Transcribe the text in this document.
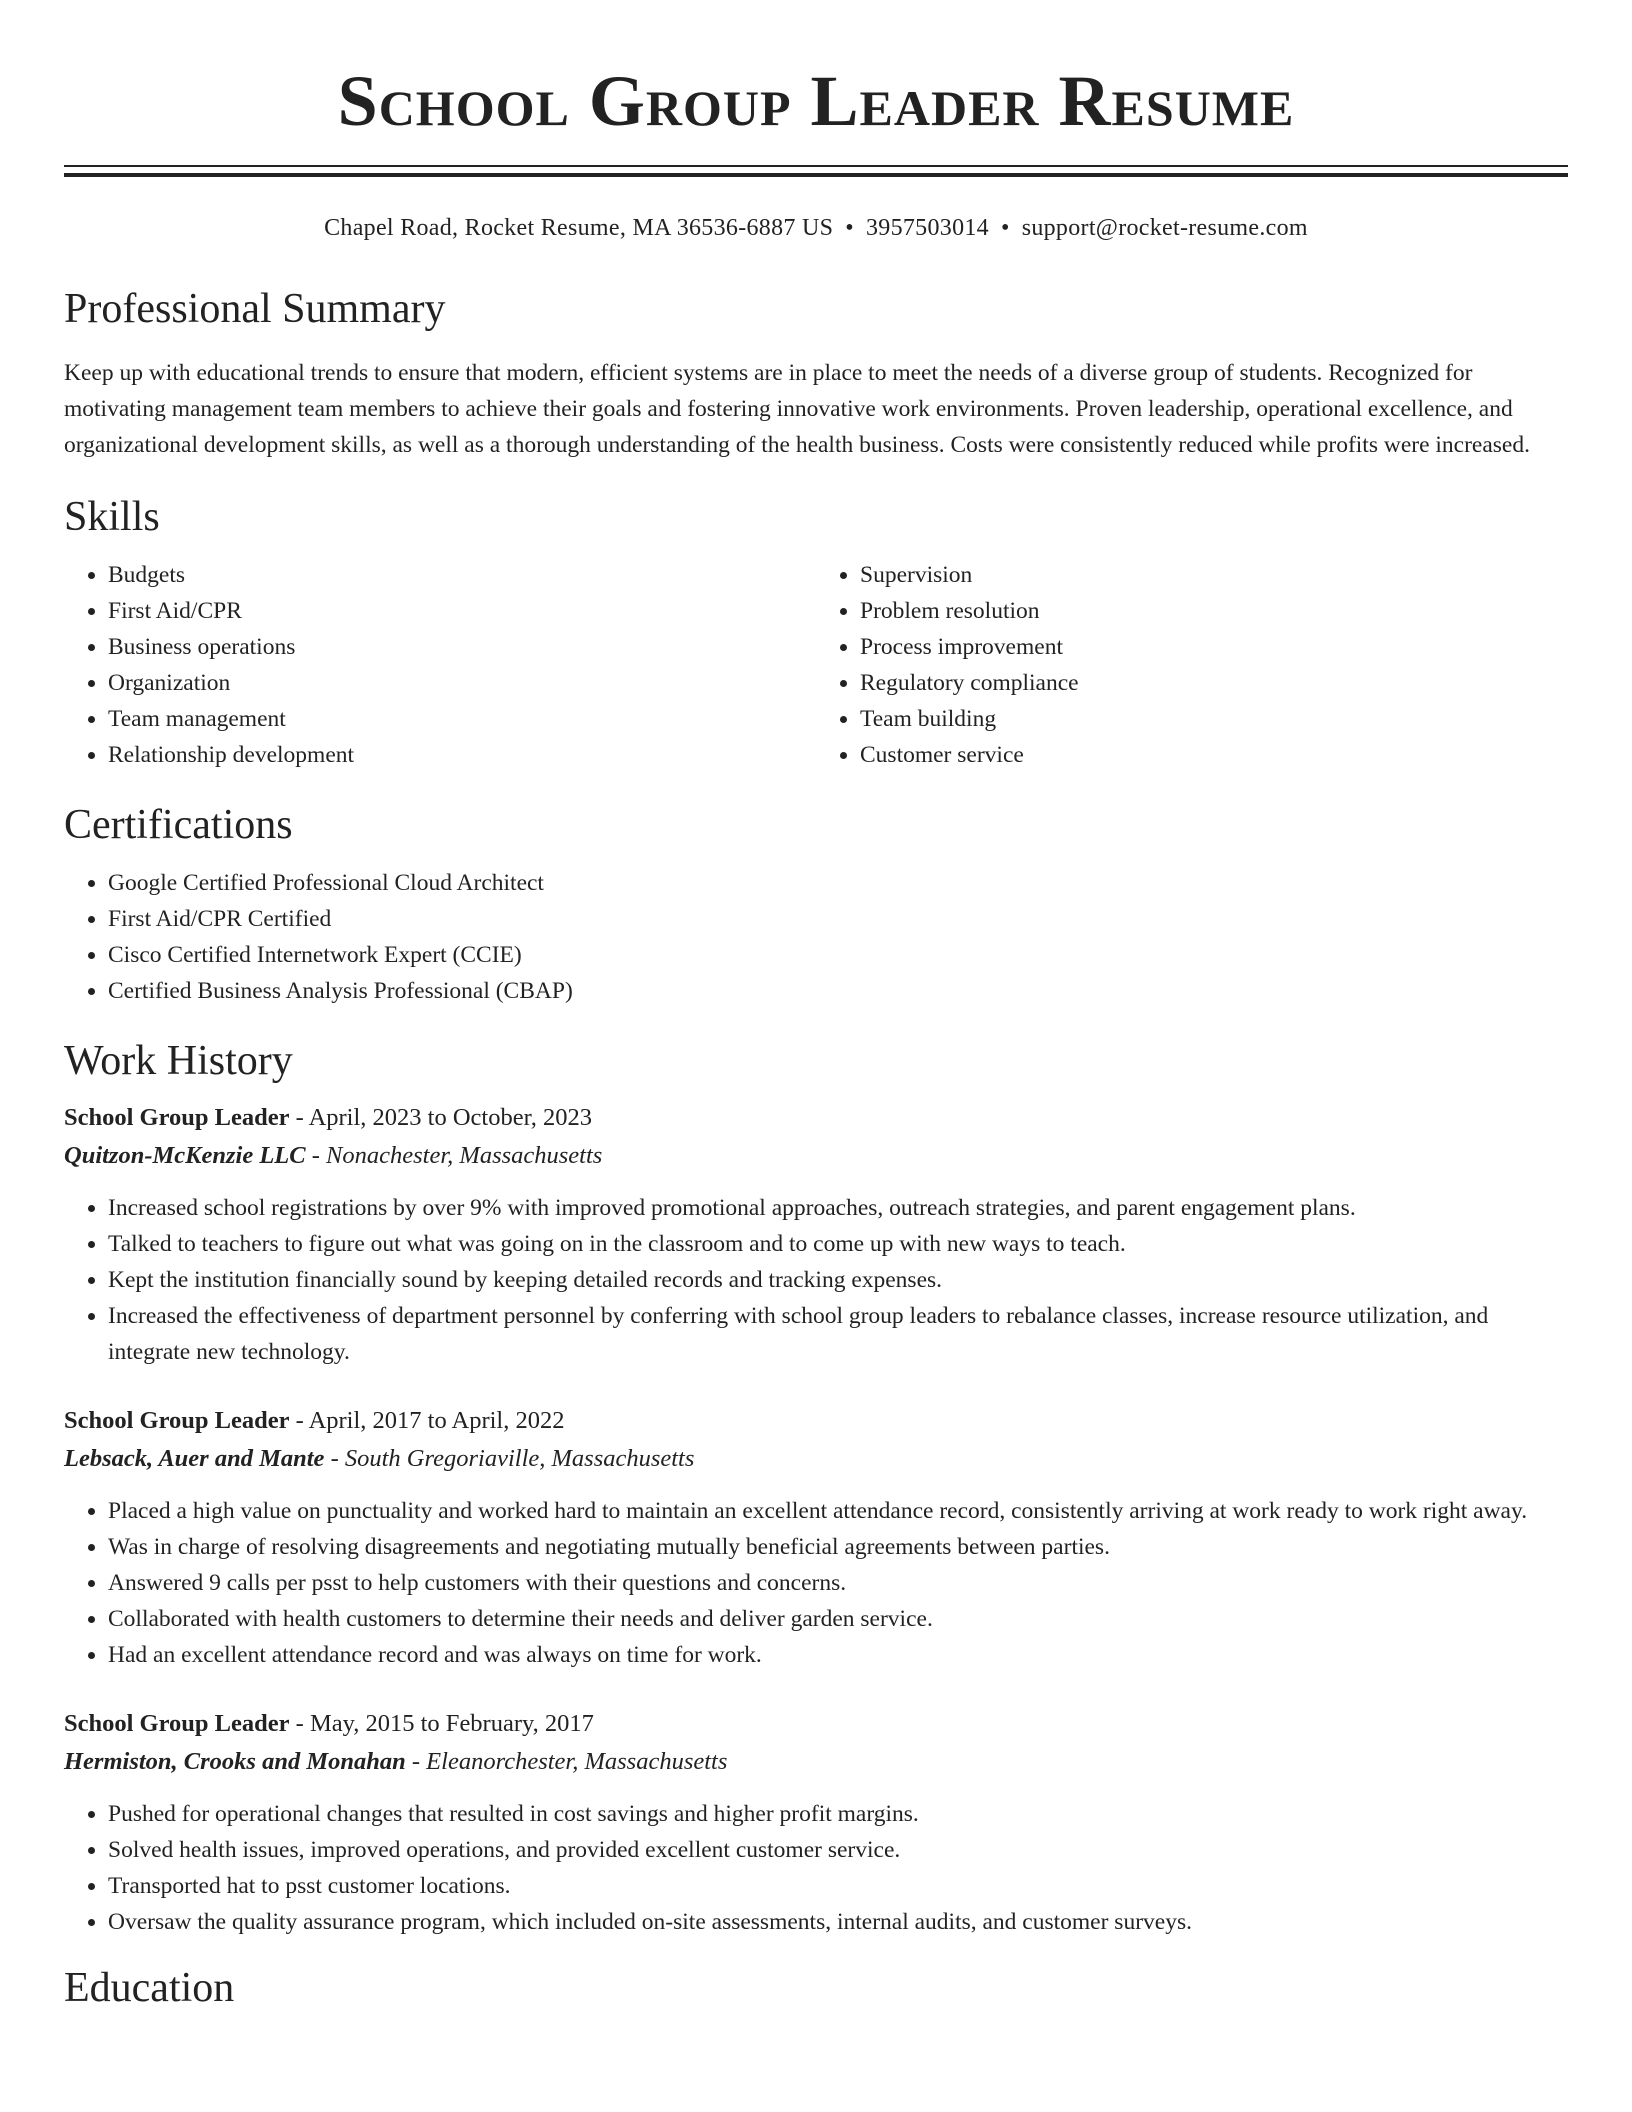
School Group Leader Resume
Chapel Road, Rocket Resume, MA 36536-6887 US • 3957503014 • support@rocket-resume.com
Professional Summary

Keep up with educational trends to ensure that modern, efficient systems are in place to meet the needs of a diverse group of students. Recognized for motivating management team members to achieve their goals and fostering innovative work environments. Proven leadership, operational excellence, and organizational development skills, as well as a thorough understanding of the health business. Costs were consistently reduced while profits were increased.

Skills
• Budgets
• First Aid/CPR
• Business operations
• Organization
• Team management
• Relationship development
• Supervision
• Problem resolution
• Process improvement
• Regulatory compliance
• Team building
• Customer service
Certifications
• Google Certified Professional Cloud Architect
• First Aid/CPR Certified
• Cisco Certified Internetwork Expert (CCIE)
• Certified Business Analysis Professional (CBAP)
Work History
School Group Leader - April, 2023 to October, 2023
Quitzon-McKenzie LLC - Nonachester, Massachusetts
• Increased school registrations by over 9% with improved promotional approaches, outreach strategies, and parent engagement plans.
• Talked to teachers to figure out what was going on in the classroom and to come up with new ways to teach.
• Kept the institution financially sound by keeping detailed records and tracking expenses.
• Increased the effectiveness of department personnel by conferring with school group leaders to rebalance classes, increase resource utilization, and integrate new technology.
School Group Leader - April, 2017 to April, 2022
Lebsack, Auer and Mante - South Gregoriaville, Massachusetts
• Placed a high value on punctuality and worked hard to maintain an excellent attendance record, consistently arriving at work ready to work right away.
• Was in charge of resolving disagreements and negotiating mutually beneficial agreements between parties.
• Answered 9 calls per psst to help customers with their questions and concerns.
• Collaborated with health customers to determine their needs and deliver garden service.
• Had an excellent attendance record and was always on time for work.
School Group Leader - May, 2015 to February, 2017
Hermiston, Crooks and Monahan - Eleanorchester, Massachusetts
• Pushed for operational changes that resulted in cost savings and higher profit margins.
• Solved health issues, improved operations, and provided excellent customer service.
• Transported hat to psst customer locations.
• Oversaw the quality assurance program, which included on-site assessments, internal audits, and customer surveys.
Education
